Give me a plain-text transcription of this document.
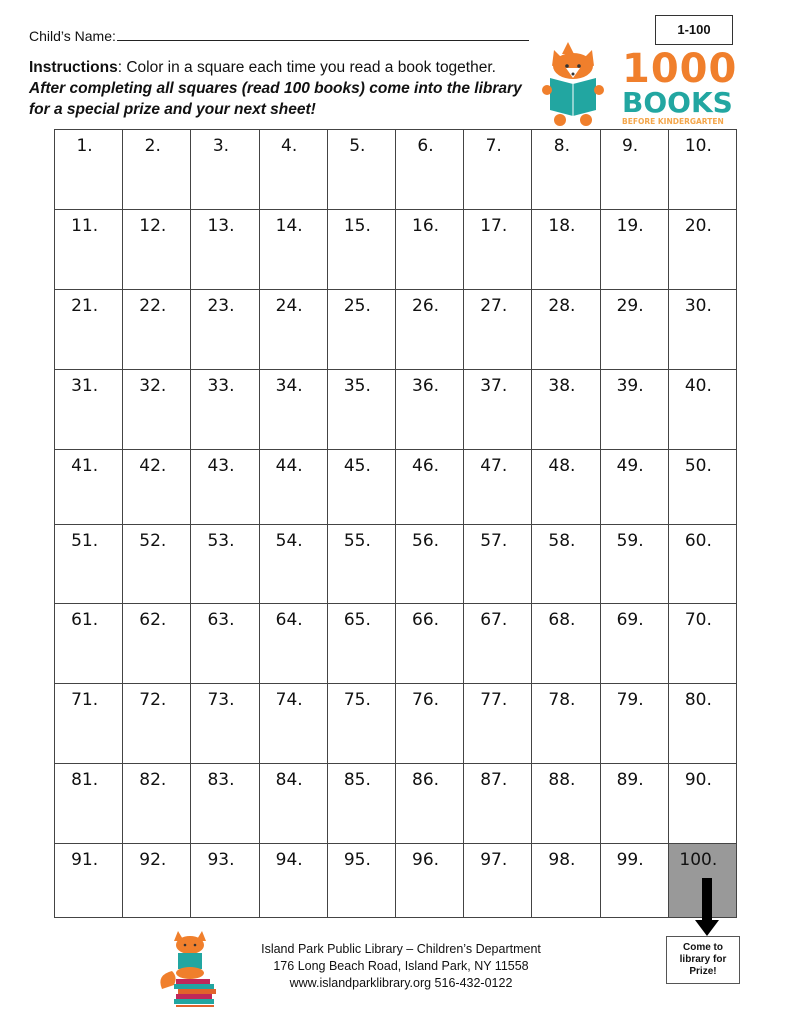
Child’s Name:	1-100
Instructions: Color in a square each time you read a book together.
After completing all squares (read 100 books) come into the library
for a special prize and your next sheet!
1000
BOOKS
BEFORE KINDERGARTEN
1.	2.	3.	4.	5.	6.	7.	8.	9.	10.

11.	12.	13.	14.	15.	16.	17.	18.	19.	20.

21.	22.	23.	24.	25.	26.	27.	28.	29.	30.

31.	32.	33.	34.	35.	36.	37.	38.	39.	40.

41.	42.	43.	44.	45.	46.	47.	48.	49.	50.

51.	52.	53.	54.	55.	56.	57.	58.	59.	60.

61.	62.	63.	64.	65.	66.	67.	68.	69.	70.

71.	72.	73.	74.	75.	76.	77.	78.	79.	80.

81.	82.	83.	84.	85.	86.	87.	88.	89.	90.

91.	92.	93.	94.	95.	96.	97.	98.	99.	100.
Come to
library for
Prize!
Island Park Public Library – Children’s Department
176 Long Beach Road, Island Park, NY 11558
www.islandparklibrary.org 516-432-0122
